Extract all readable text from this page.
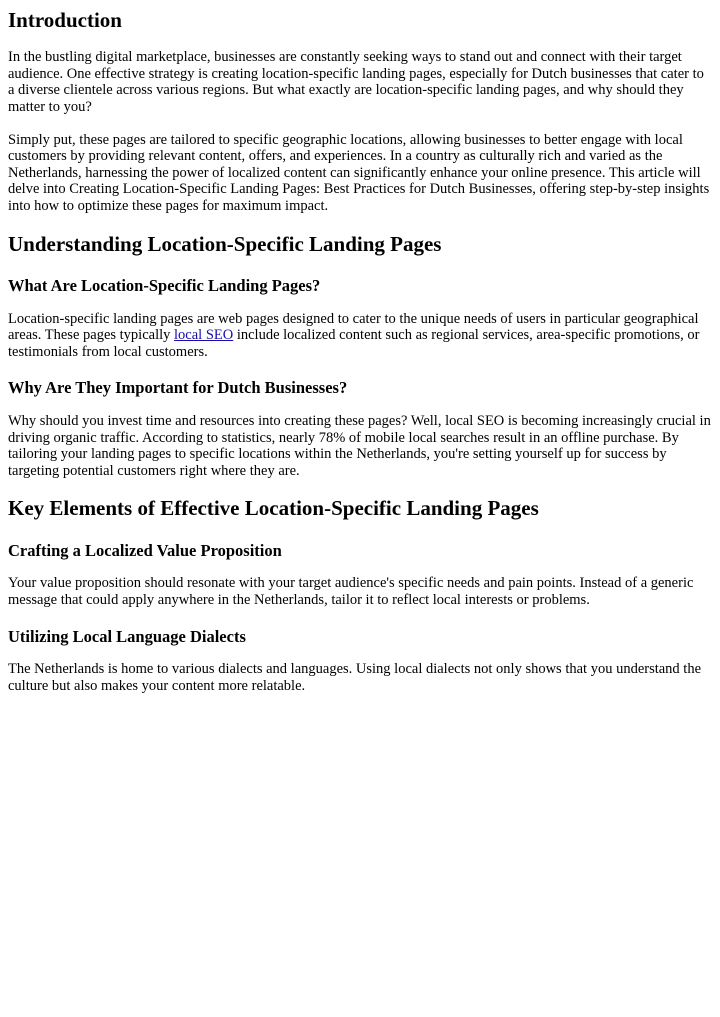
Introduction

In the bustling digital marketplace, businesses are constantly seeking ways to stand out and connect with their target audience. One effective strategy is creating location-specific landing pages, especially for Dutch businesses that cater to a diverse clientele across various regions. But what exactly are location-specific landing pages, and why should they matter to you?

Simply put, these pages are tailored to specific geographic locations, allowing businesses to better engage with local customers by providing relevant content, offers, and experiences. In a country as culturally rich and varied as the Netherlands, harnessing the power of localized content can significantly enhance your online presence. This article will delve into Creating Location-Specific Landing Pages: Best Practices for Dutch Businesses, offering step-by-step insights into how to optimize these pages for maximum impact.

Understanding Location-Specific Landing Pages
What Are Location-Specific Landing Pages?

Location-specific landing pages are web pages designed to cater to the unique needs of users in particular geographical areas. These pages typically local SEO include localized content such as regional services, area-specific promotions, or testimonials from local customers.

Why Are They Important for Dutch Businesses?

Why should you invest time and resources into creating these pages? Well, local SEO is becoming increasingly crucial in driving organic traffic. According to statistics, nearly 78% of mobile local searches result in an offline purchase. By tailoring your landing pages to specific locations within the Netherlands, you're setting yourself up for success by targeting potential customers right where they are.

Key Elements of Effective Location-Specific Landing Pages
Crafting a Localized Value Proposition

Your value proposition should resonate with your target audience's specific needs and pain points. Instead of a generic message that could apply anywhere in the Netherlands, tailor it to reflect local interests or problems.

Utilizing Local Language Dialects

The Netherlands is home to various dialects and languages. Using local dialects not only shows that you understand the culture but also makes your content more relatable.
